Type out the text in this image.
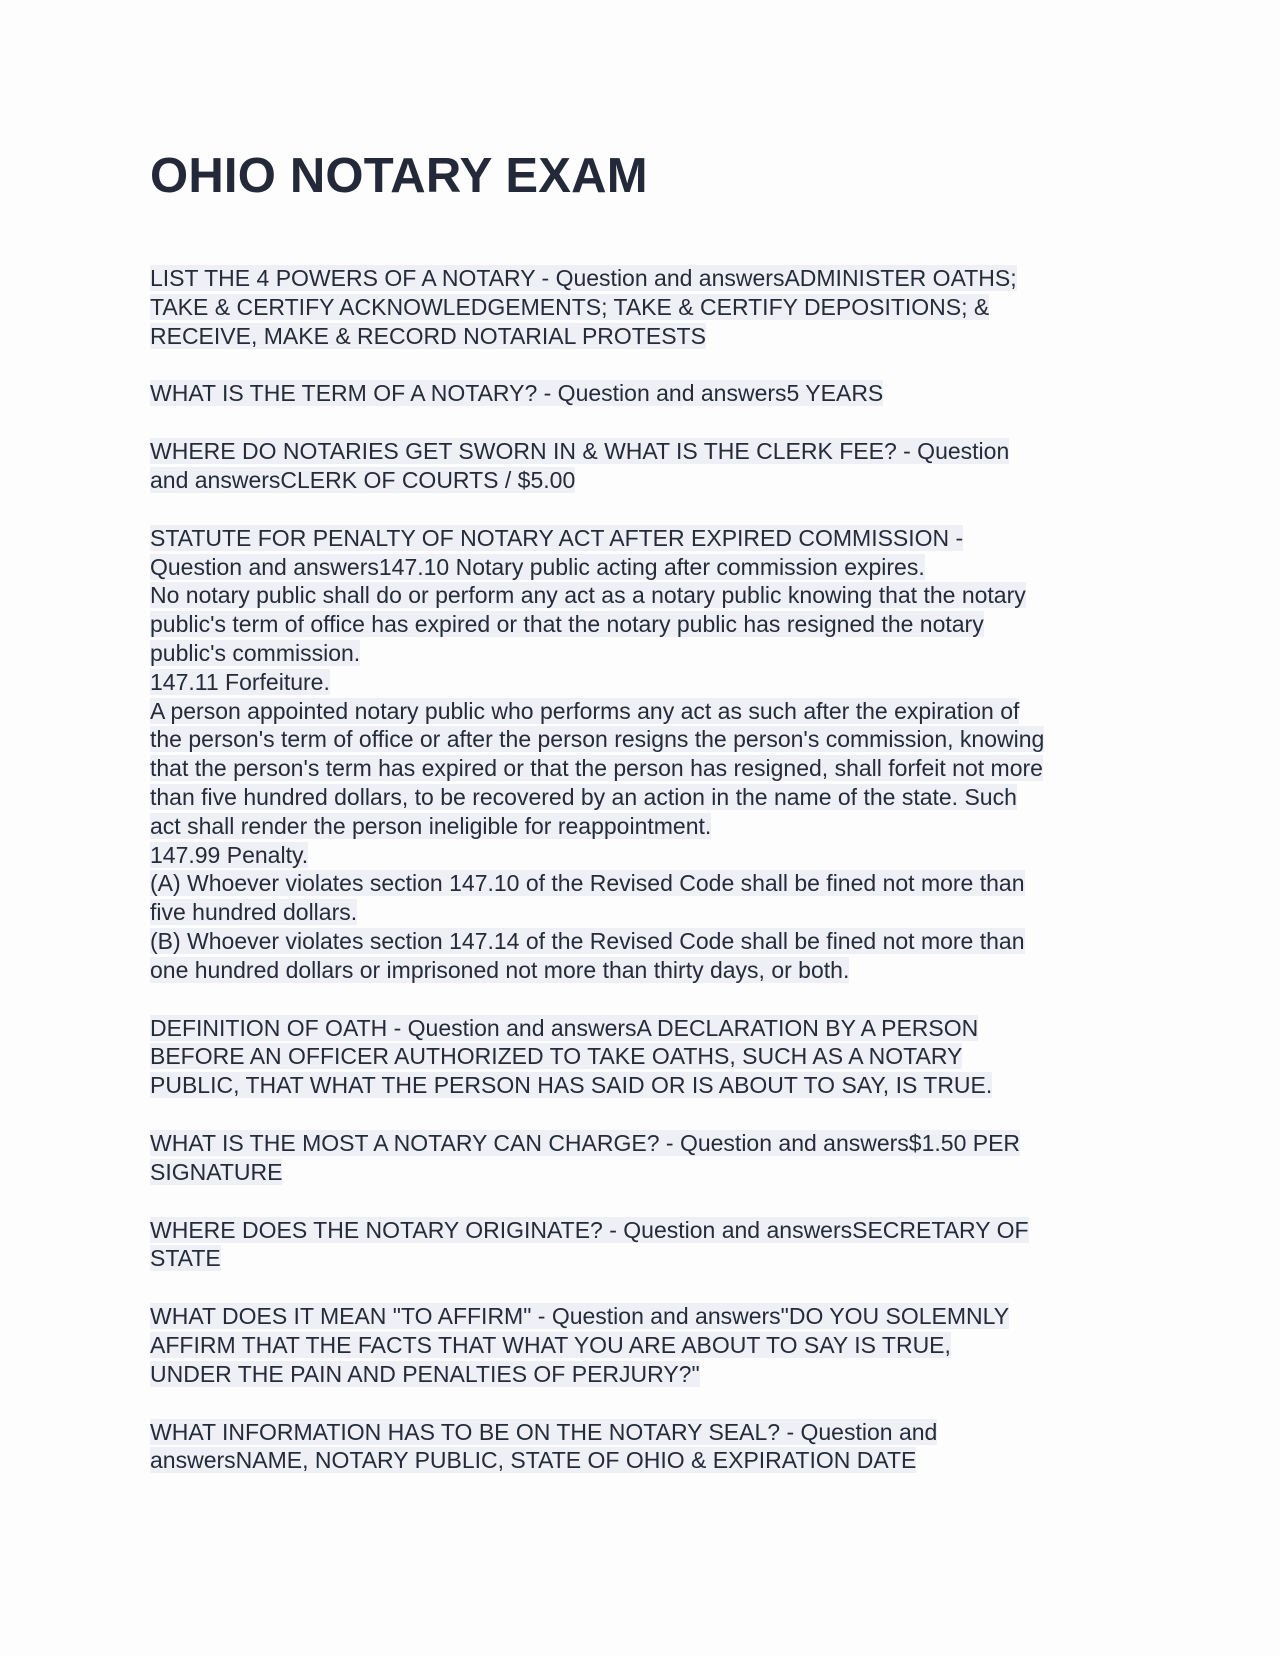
OHIO NOTARY EXAM
LIST THE 4 POWERS OF A NOTARY - Question and answersADMINISTER OATHS;
TAKE & CERTIFY ACKNOWLEDGEMENTS; TAKE & CERTIFY DEPOSITIONS; &
RECEIVE, MAKE & RECORD NOTARIAL PROTESTS
WHAT IS THE TERM OF A NOTARY? - Question and answers5 YEARS
WHERE DO NOTARIES GET SWORN IN & WHAT IS THE CLERK FEE? - Question
and answersCLERK OF COURTS / $5.00
STATUTE FOR PENALTY OF NOTARY ACT AFTER EXPIRED COMMISSION -
Question and answers147.10 Notary public acting after commission expires.
No notary public shall do or perform any act as a notary public knowing that the notary
public's term of office has expired or that the notary public has resigned the notary
public's commission.
147.11 Forfeiture.
A person appointed notary public who performs any act as such after the expiration of
the person's term of office or after the person resigns the person's commission, knowing
that the person's term has expired or that the person has resigned, shall forfeit not more
than five hundred dollars, to be recovered by an action in the name of the state. Such
act shall render the person ineligible for reappointment.
147.99 Penalty.
(A) Whoever violates section 147.10 of the Revised Code shall be fined not more than
five hundred dollars.
(B) Whoever violates section 147.14 of the Revised Code shall be fined not more than
one hundred dollars or imprisoned not more than thirty days, or both.
DEFINITION OF OATH - Question and answersA DECLARATION BY A PERSON
BEFORE AN OFFICER AUTHORIZED TO TAKE OATHS, SUCH AS A NOTARY
PUBLIC, THAT WHAT THE PERSON HAS SAID OR IS ABOUT TO SAY, IS TRUE.
WHAT IS THE MOST A NOTARY CAN CHARGE? - Question and answers$1.50 PER
SIGNATURE
WHERE DOES THE NOTARY ORIGINATE? - Question and answersSECRETARY OF
STATE
WHAT DOES IT MEAN "TO AFFIRM" - Question and answers"DO YOU SOLEMNLY
AFFIRM THAT THE FACTS THAT WHAT YOU ARE ABOUT TO SAY IS TRUE,
UNDER THE PAIN AND PENALTIES OF PERJURY?"
WHAT INFORMATION HAS TO BE ON THE NOTARY SEAL? - Question and
answersNAME, NOTARY PUBLIC, STATE OF OHIO & EXPIRATION DATE
